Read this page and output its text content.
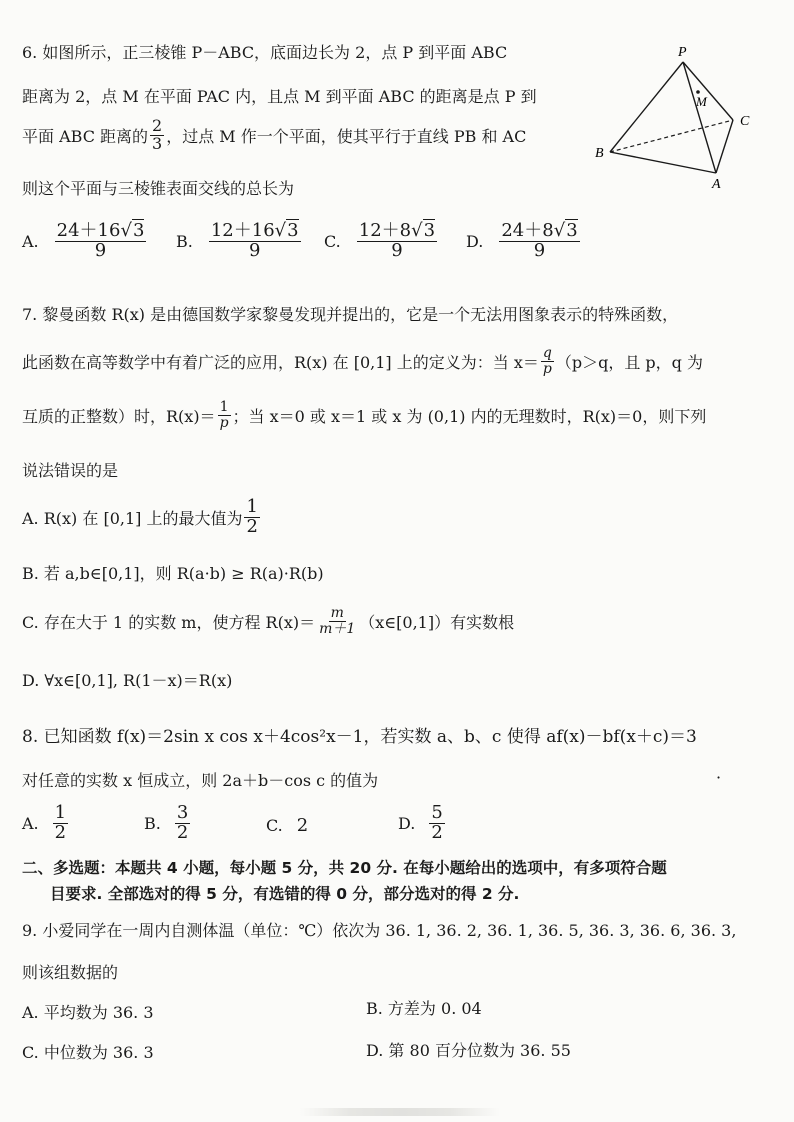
6. 如图所示，正三棱锥 P－ABC，底面边长为 2，点 P 到平面 ABC
距离为 2，点 M 在平面 PAC 内，且点 M 到平面 ABC 的距离是点 P 到
平面 ABC 距离的 $\frac{2}{3}$ ，过点 M 作一个平面，使其平行于直线 PB 和 AC
则这个平面与三棱锥表面交线的总长为
P
M
C
B
A
A. $\frac{24+16√3}{9} B$. $\frac{12+16√3}{9} C$. $\frac{12+8√3}{9} D$. $\frac{24+8√3}{9}$
7. 黎曼函数 R(x) 是由德国数学家黎曼发现并提出的，它是一个无法用图象表示的特殊函数，
此函数在高等数学中有着广泛的应用，R(x) 在 [0,1] 上的定义为：当 $x= \frac{q}{p} (p>q$，且 p，q 为
互质的正整数）时，$R(x)= \frac{1}{p}$ ；当 x＝0 或 x＝1 或 x 为 (0,1) 内的无理数时，R(x)＝0，则下列
说法错误的是
A. R(x) 在 [0,1] 上的最大值为 $\frac{1}{2}$
B. 若 a,b∈[0,1]，则 R(a·b) ≥ R(a)·R(b)
C. 存在大于 1 的实数 m，使方程 $R(x)= \frac{m}{m+1}$ （x∈[0,1]）有实数根
D. ∀x∈[0,1], R(1－x)＝R(x)
8. 已知函数 f(x)＝2sin x cos x＋4cos²x－1，若实数 a、b、c 使得 af(x)－bf(x＋c)＝3
对任意的实数 x 恒成立，则 2a＋b－cos c 的值为	·
A. $\frac{1}{2}$	B. $\frac{3}{2}$	C. 2	D. $\frac{5}{2}$
二、多选题：本题共 4 小题，每小题 5 分，共 20 分. 在每小题给出的选项中，有多项符合题
目要求. 全部选对的得 5 分，有选错的得 0 分，部分选对的得 2 分.
9. 小爱同学在一周内自测体温（单位：℃）依次为 36. 1, 36. 2, 36. 1, 36. 5, 36. 3, 36. 6, 36. 3,
则该组数据的
A. 平均数为 36. 3	B. 方差为 0. 04
C. 中位数为 36. 3	D. 第 80 百分位数为 36. 55
